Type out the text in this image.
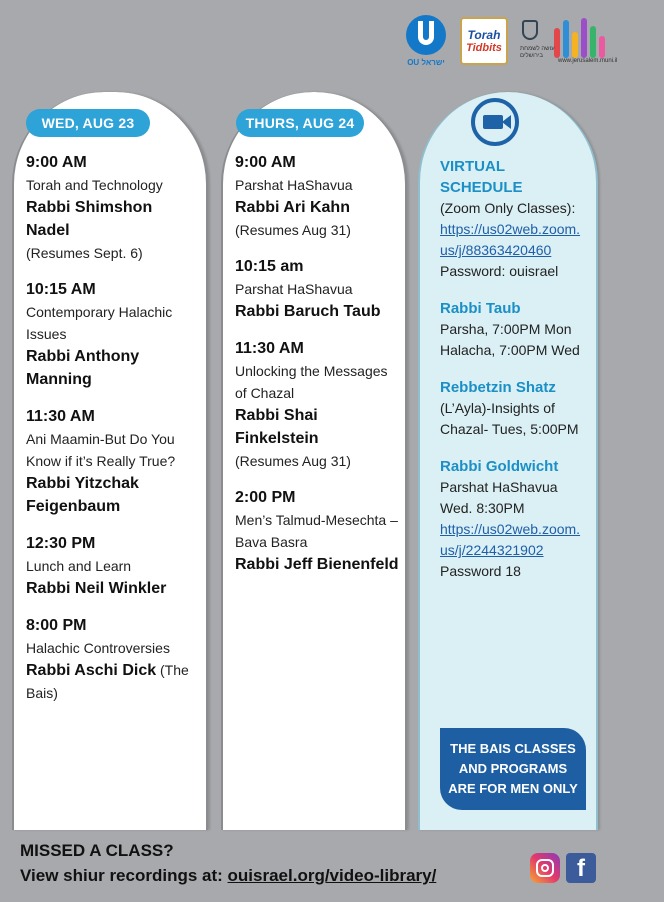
OU ישראל
Torah
Tidbits	עושה לשמחת בירושלים
www.jerusalem.muni.il
WED, AUG 23
9:00 AM
Torah and Technology
Rabbi Shimshon Nadel
(Resumes Sept. 6)
10:15 AM
Contemporary Halachic
Issues
Rabbi Anthony Manning
11:30 AM
Ani Maamin-But Do You
Know if it’s Really True?
Rabbi Yitzchak
Feigenbaum
12:30 PM
Lunch and Learn
Rabbi Neil Winkler
8:00 PM
Halachic Controversies
Rabbi Aschi Dick (The Bais)
THURS, AUG 24
9:00 AM
Parshat HaShavua
Rabbi Ari Kahn
(Resumes Aug 31)
10:15 am
Parshat HaShavua
Rabbi Baruch Taub
11:30 AM
Unlocking the Messages
of Chazal
Rabbi Shai Finkelstein
(Resumes Aug 31)
2:00 PM
Men’s Talmud-Mesechta –
Bava Basra
Rabbi Jeff Bienenfeld
VIRTUAL SCHEDULE
(Zoom Only Classes):
https://us02web.zoom.
us/j/88363420460
Password: ouisrael
Rabbi Taub
Parsha, 7:00PM Mon
Halacha, 7:00PM Wed
Rebbetzin Shatz
(L’Ayla)-Insights of
Chazal- Tues, 5:00PM
Rabbi Goldwicht
Parshat HaShavua
Wed. 8:30PM
https://us02web.zoom.
us/j/2244321902
Password 18
THE BAIS CLASSES
AND PROGRAMS
ARE FOR MEN ONLY
MISSED A CLASS?
View shiur recordings at: ouisrael.org/video-library/	f
